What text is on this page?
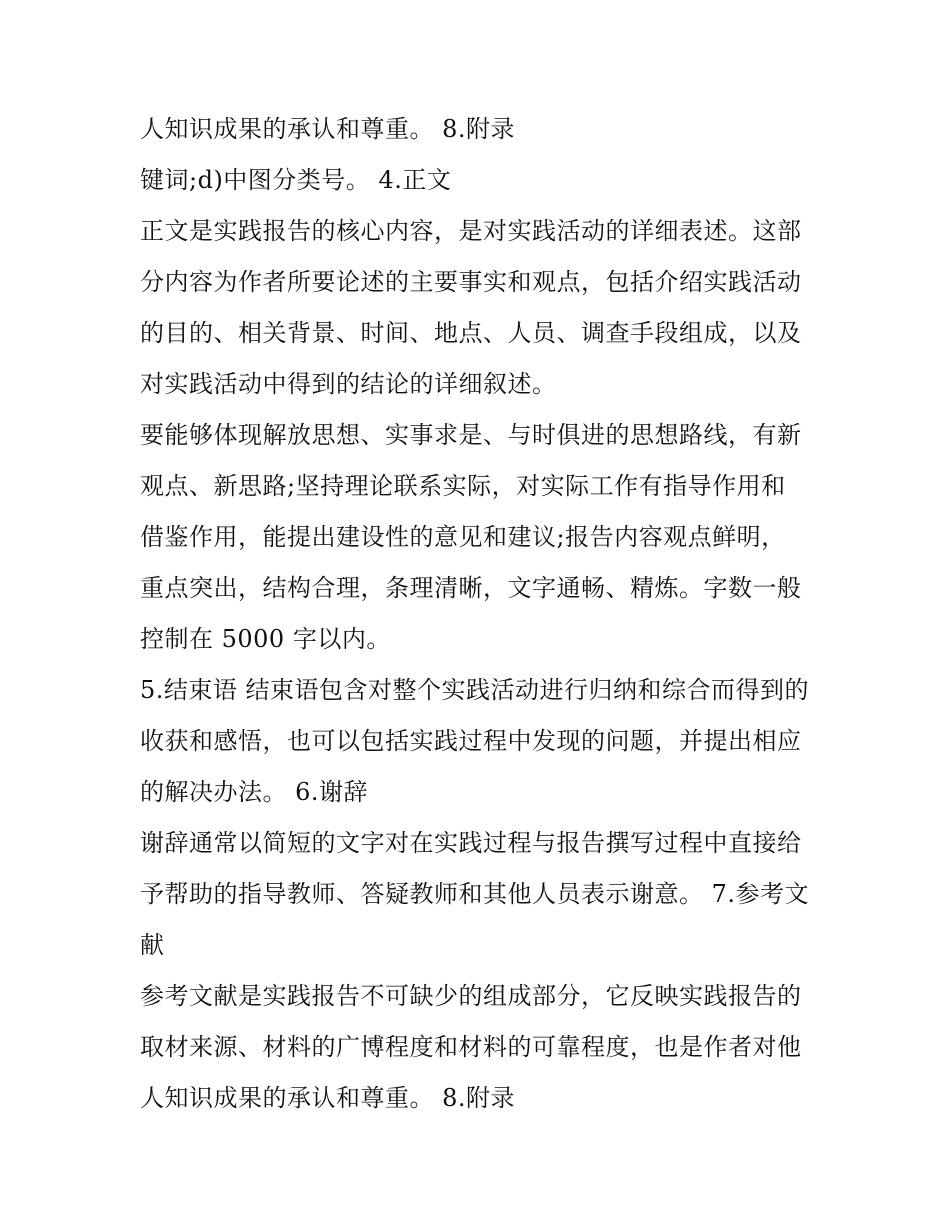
人知识成果的承认和尊重。 8.附录
键词;d)中图分类号。 4.正文
正文是实践报告的核心内容，是对实践活动的详细表述。这部
分内容为作者所要论述的主要事实和观点，包括介绍实践活动
的目的、相关背景、时间、地点、人员、调查手段组成，以及
对实践活动中得到的结论的详细叙述。
要能够体现解放思想、实事求是、与时俱进的思想路线，有新
观点、新思路;坚持理论联系实际，对实际工作有指导作用和
借鉴作用，能提出建设性的意见和建议;报告内容观点鲜明，
重点突出，结构合理，条理清晰，文字通畅、精炼。字数一般
控制在 5000 字以内。
5.结束语 结束语包含对整个实践活动进行归纳和综合而得到的
收获和感悟，也可以包括实践过程中发现的问题，并提出相应
的解决办法。 6.谢辞
谢辞通常以简短的文字对在实践过程与报告撰写过程中直接给
予帮助的指导教师、答疑教师和其他人员表示谢意。 7.参考文
献
参考文献是实践报告不可缺少的组成部分，它反映实践报告的
取材来源、材料的广博程度和材料的可靠程度，也是作者对他
人知识成果的承认和尊重。 8.附录
